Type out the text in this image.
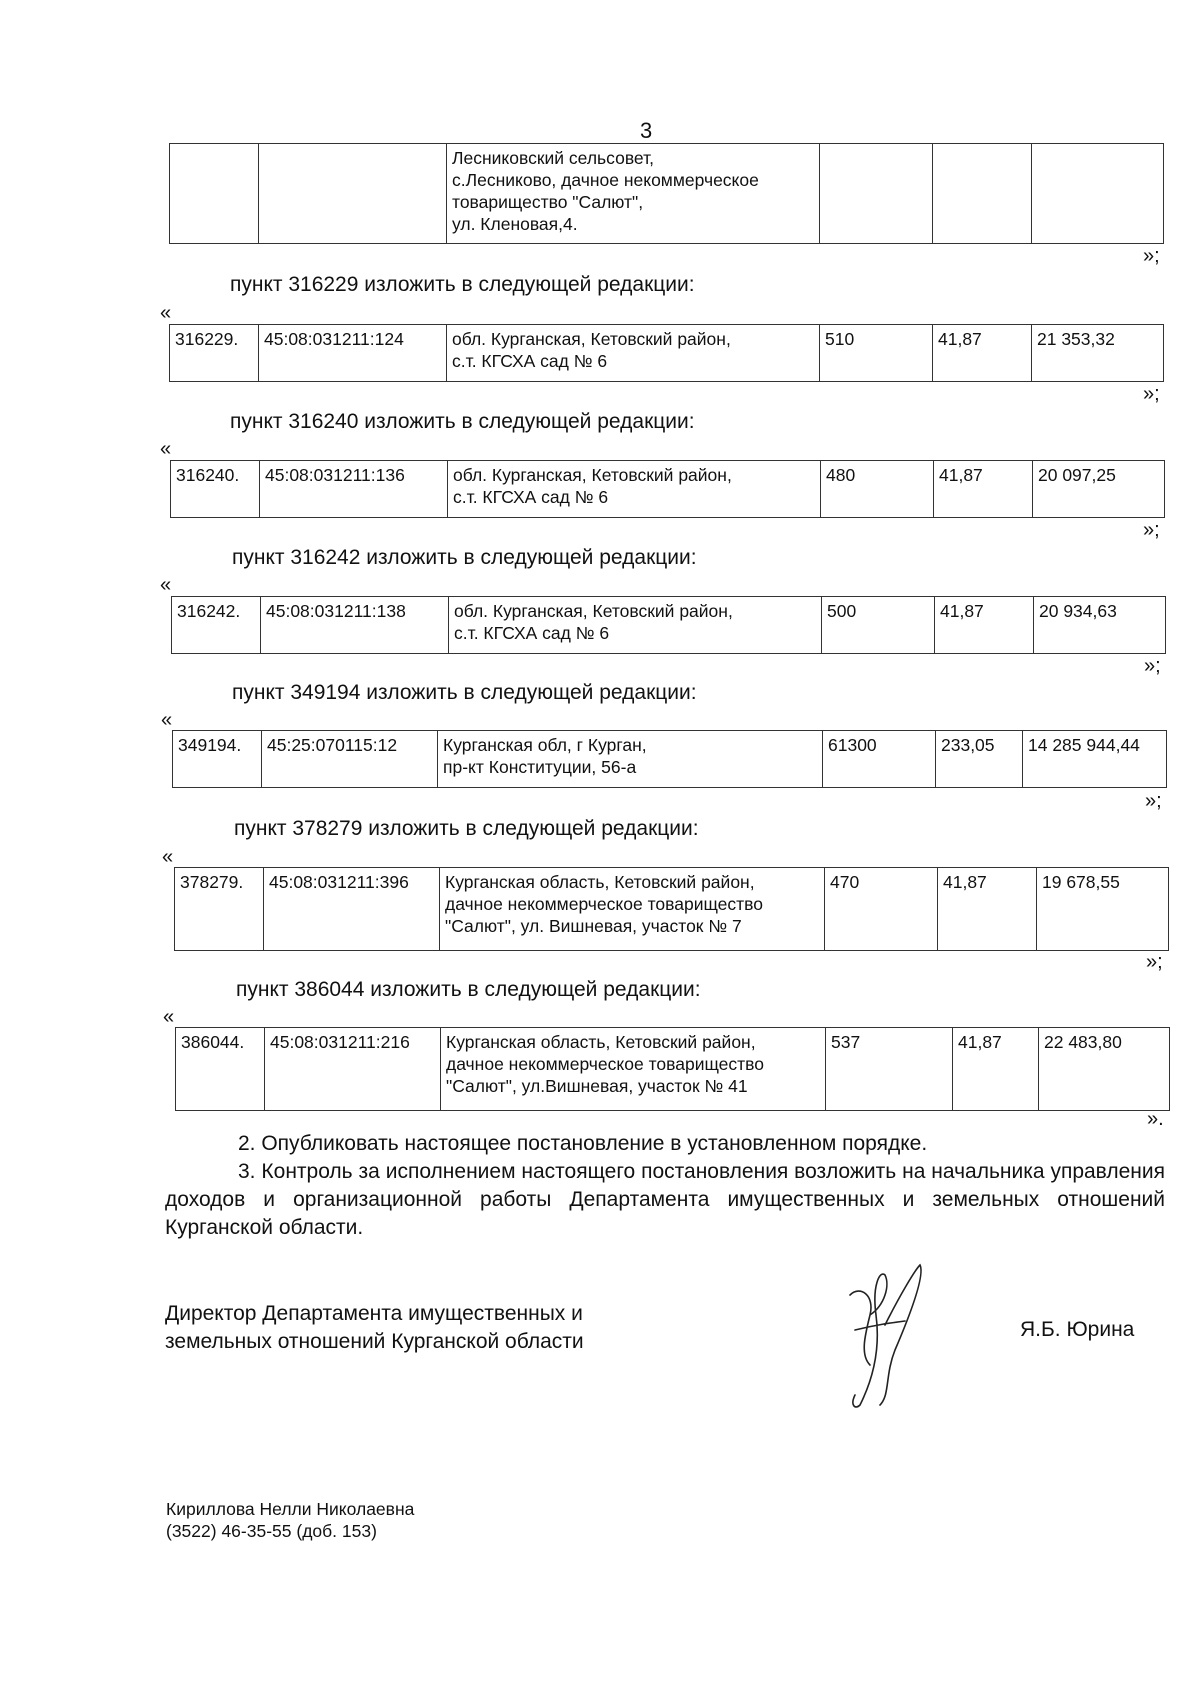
3
		Лесниковский сельсовет,
с.Лесниково, дачное некоммерческое
товарищество "Салют",
ул. Кленовая,4.			
»;
пункт 316229 изложить в следующей редакции:
«
316229.	45:08:031211:124	обл. Курганская, Кетовский район,
с.т. КГСХА сад № 6	510	41,87	21 353,32
»;
пункт 316240 изложить в следующей редакции:
«
316240.	45:08:031211:136	обл. Курганская, Кетовский район,
с.т. КГСХА сад № 6	480	41,87	20 097,25
»;
пункт 316242 изложить в следующей редакции:
«
316242.	45:08:031211:138	обл. Курганская, Кетовский район,
с.т. КГСХА сад № 6	500	41,87	20 934,63
»;
пункт 349194 изложить в следующей редакции:
«
349194.	45:25:070115:12	Курганская обл, г Курган,
пр-кт Конституции, 56-а	61300	233,05	14 285 944,44
»;
пункт 378279 изложить в следующей редакции:
«
378279.	45:08:031211:396	Курганская область, Кетовский район,
дачное некоммерческое товарищество
"Салют", ул. Вишневая, участок № 7	470	41,87	19 678,55
»;
пункт 386044 изложить в следующей редакции:
«
386044.	45:08:031211:216	Курганская область, Кетовский район,
дачное некоммерческое товарищество
"Салют", ул.Вишневая, участок № 41	537	41,87	22 483,80
».
2. Опубликовать настоящее постановление в установленном порядке.
3. Контроль за исполнением настоящего постановления возложить на начальника управления доходов и организационной работы Департамента имущественных и земельных отношений Курганской области.
Директор Департамента имущественных и
земельных отношений Курганской области
Я.Б. Юрина
Кириллова Нелли Николаевна
(3522) 46-35-55 (доб. 153)
